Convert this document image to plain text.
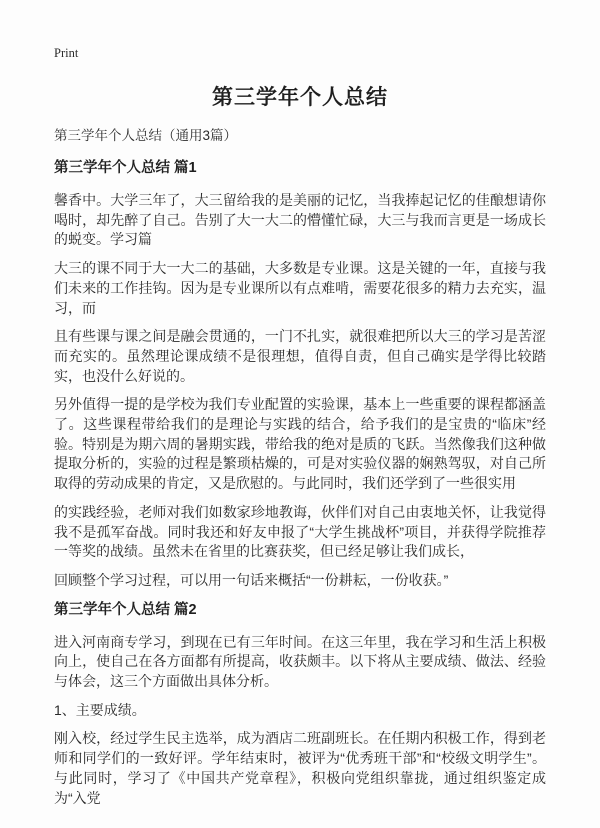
Print
第三学年个人总结
第三学年个人总结（通用3篇）
第三学年个人总结 篇1

馨香中。大学三年了，大三留给我的是美丽的记忆，当我捧起记忆的佳酿想请你喝时，却先醉了自己。告别了大一大二的懵懂忙碌，大三与我而言更是一场成长的蜕变。学习篇

大三的课不同于大一大二的基础，大多数是专业课。这是关键的一年，直接与我们未来的工作挂钩。因为是专业课所以有点难啃，需要花很多的精力去充实，温习，而

且有些课与课之间是融会贯通的，一门不扎实，就很难把所以大三的学习是苦涩而充实的。虽然理论课成绩不是很理想，值得自责，但自己确实是学得比较踏实，也没什么好说的。

另外值得一提的是学校为我们专业配置的实验课，基本上一些重要的课程都涵盖了。这些课程带给我们的是理论与实践的结合，给予我们的是宝贵的“临床”经验。特别是为期六周的暑期实践，带给我的绝对是质的飞跃。当然像我们这种做提取分析的，实验的过程是繁琐枯燥的，可是对实验仪器的娴熟驾驭，对自己所取得的劳动成果的肯定，又是欣慰的。与此同时，我们还学到了一些很实用

的实践经验，老师对我们如数家珍地教诲，伙伴们对自己由衷地关怀，让我觉得我不是孤军奋战。同时我还和好友申报了“大学生挑战杯”项目，并获得学院推荐一等奖的战绩。虽然未在省里的比赛获奖，但已经足够让我们成长，

回顾整个学习过程，可以用一句话来概括“一份耕耘，一份收获。”

第三学年个人总结 篇2

进入河南商专学习，到现在已有三年时间。在这三年里，我在学习和生活上积极向上，使自己在各方面都有所提高，收获颇丰。以下将从主要成绩、做法、经验与体会，这三个方面做出具体分析。

1、主要成绩。

刚入校，经过学生民主选举，成为酒店二班副班长。在任期内积极工作，得到老师和同学们的一致好评。学年结束时，被评为“优秀班干部”和“校级文明学生”。与此同时，学习了《中国共产党章程》，积极向党组织靠拢，通过组织鉴定成为“入党
